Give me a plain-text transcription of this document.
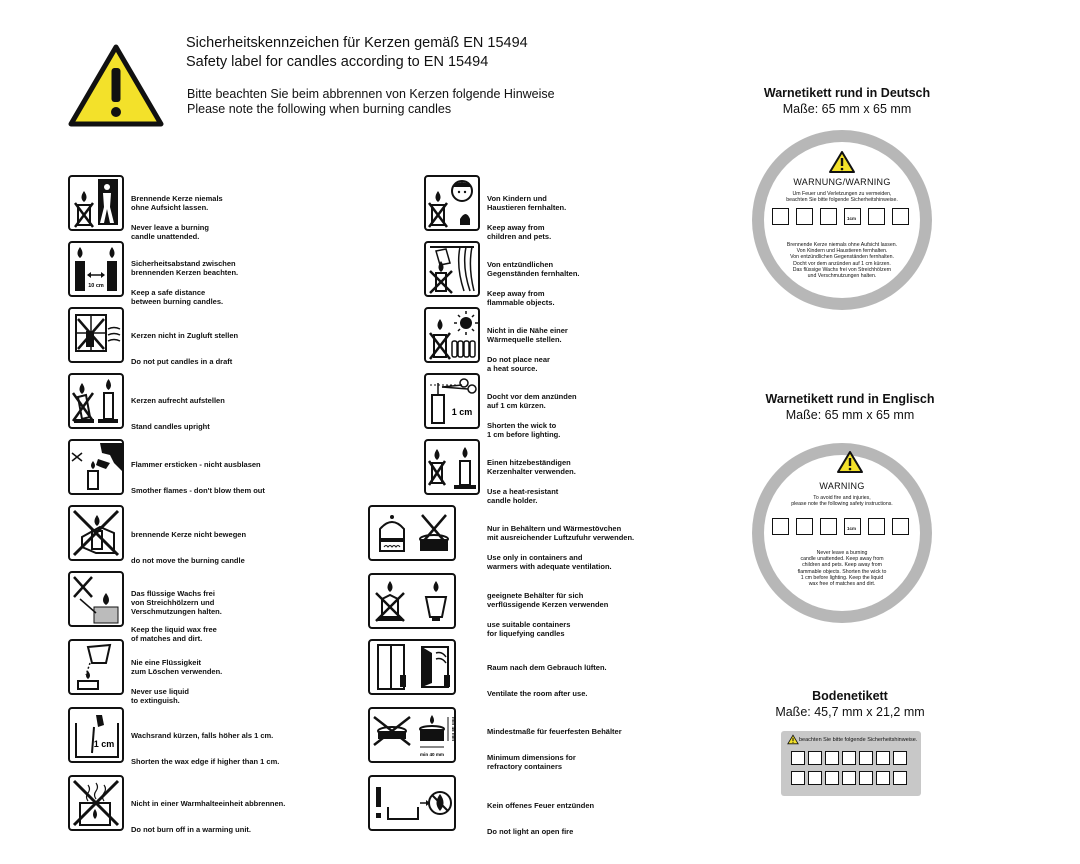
Sicherheitskennzeichen für Kerzen gemäß EN 15494
Safety label for candles according to EN 15494
Bitte beachten Sie beim abbrennen von Kerzen folgende Hinweise
Please note the following when burning candles

Brennende Kerze niemals
ohne Aufsicht lassen.

Never leave a burning
candle unattended.

10 cm

Sicherheitsabstand zwischen
brennenden Kerzen beachten.

Keep a safe distance
between burning candles.

Kerzen nicht in Zugluft stellen

Do not put candles in a draft

Kerzen aufrecht aufstellen

Stand candles upright

Flammer ersticken - nicht ausblasen

Smother flames - don't blow them out

brennende Kerze nicht bewegen

do not move the burning candle

Das flüssige Wachs frei
von Streichhölzern und
Verschmutzungen halten.

Keep the liquid wax free
of matches and dirt.

Nie eine Flüssigkeit
zum Löschen verwenden.

Never use liquid
to extinguish.

1 cm

Wachsrand kürzen, falls höher als 1 cm.

Shorten the wax edge if higher than 1 cm.

Nicht in einer Warmhalteeinheit abbrennen.

Do not burn off in a warming unit.

Von Kindern und
Haustieren fernhalten.

Keep away from
children and pets.

Von entzündlichen
Gegenständen fernhalten.

Keep away from
flammable objects.

Nicht in die Nähe einer
Wärmequelle stellen.

Do not place near
a heat source.

1 cm

Docht vor dem anzünden
auf 1 cm kürzen.

Shorten the wick to
1 cm before lighting.

Einen hitzebeständigen
Kerzenhalter verwenden.

Use a heat-resistant
candle holder.

Nur in Behältern und Wärmestövchen
mit ausreichender Luftzufuhr verwenden.

Use only in containers and
warmers with adequate ventilation.

geeignete Behälter für sich
verflüssigende Kerzen verwenden

use suitable containers
for liquefying candles

Raum nach dem Gebrauch lüften.

Ventilate the room after use.

min 40 mm
min 45 mm	Mindestmaße für feuerfesten Behälter

Minimum dimensions for
refractory containers

Kein offenes Feuer entzünden

Do not light an open fire

Warnetikett rund in Deutsch
Maße: 65 mm x 65 mm
WARNUNG/WARNING
Um Feuer und Verletzungen zu vermeiden,
beachten Sie bitte folgende Sicherheitshinweise.
1cm
Brennende Kerze niemals ohne Aufsicht lassen.
Von Kindern und Haustieren fernhalten.
Von entzündlichen Gegenständen fernhalten.
Docht vor dem anzünden auf 1 cm kürzen.
Das flüssige Wachs frei von Streichhölzern
und Verschmutzungen halten.
Warnetikett rund in Englisch
Maße: 65 mm x 65 mm
WARNING
To avoid fire and injuries,
please note the following safety instructions.
1cm
Never leave a burning
candle unattended. Keep away from
children and pets. Keep away from
flammable objects. Shorten the wick to
1 cm before lighting. Keep the liquid
wax free of matches and dirt.
Bodenetikett
Maße: 45,7 mm x 21,2 mm
beachten Sie bitte folgende Sicherheitshinweise.
